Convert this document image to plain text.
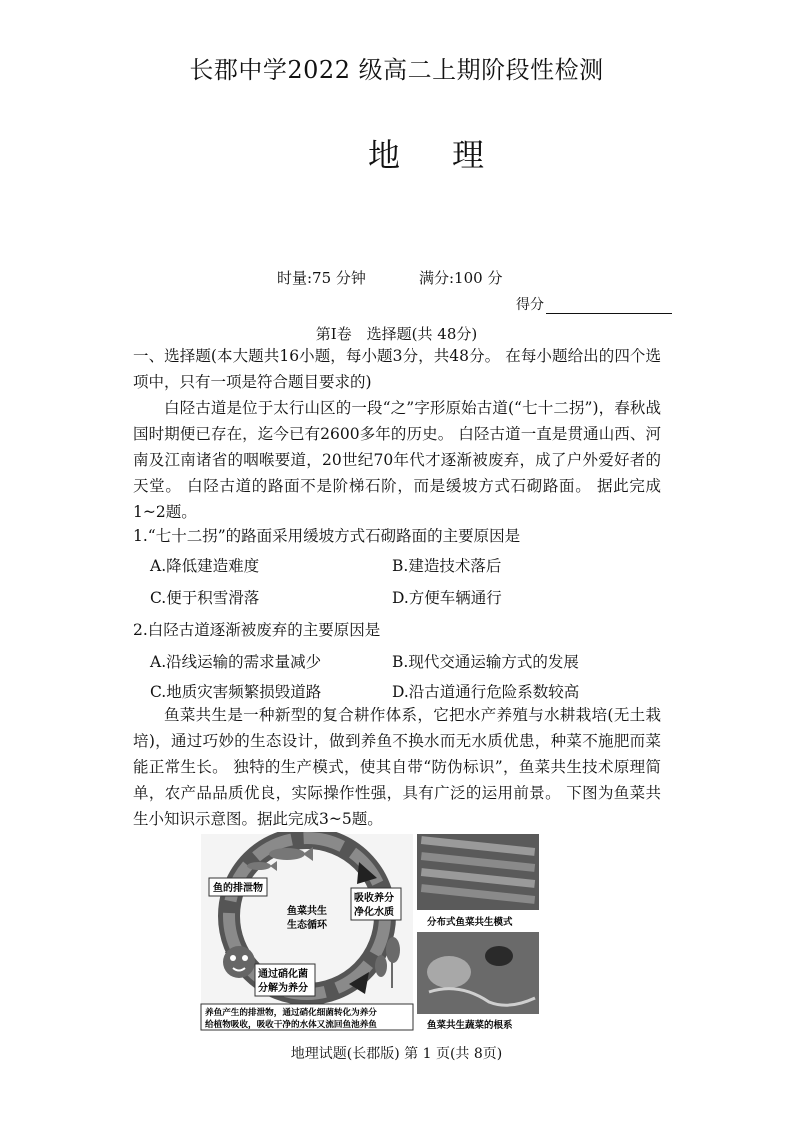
长郡中学2022 级高二上期阶段性检测
地理
时量:75 分钟	满分:100 分
得分
第Ⅰ卷　选择题(共 48分)
一、选择题(本大题共16小题，每小题3分，共48分。 在每小题给出的四个选项中，只有一项是符合题目要求的)
白陉古道是位于太行山区的一段“之”字形原始古道(“七十二拐”)，春秋战国时期便已存在，迄今已有2600多年的历史。 白陉古道一直是贯通山西、河南及江南诸省的咽喉要道，20世纪70年代才逐渐被废弃，成了户外爱好者的天堂。 白陉古道的路面不是阶梯石阶，而是缓坡方式石砌路面。 据此完成1~2题。
1.“七十二拐”的路面采用缓坡方式石砌路面的主要原因是
A.降低建造难度	B.建造技术落后
C.便于积雪滑落	D.方便车辆通行
2.白陉古道逐渐被废弃的主要原因是
A.沿线运输的需求量减少	B.现代交通运输方式的发展
C.地质灾害频繁损毁道路	D.沿古道通行危险系数较高
鱼菜共生是一种新型的复合耕作体系，它把水产养殖与水耕栽培(无土栽培)，通过巧妙的生态设计，做到养鱼不换水而无水质优患，种菜不施肥而菜能正常生长。 独特的生产模式，使其自带“防伪标识”，鱼菜共生技术原理简单，农产品品质优良，实际操作性强，具有广泛的运用前景。 下图为鱼菜共生小知识示意图。据此完成3~5题。
鱼的排泄物
吸收养分
净化水质
鱼菜共生
生态循环
通过硝化菌
分解为养分
养鱼产生的排泄物，通过硝化细菌转化为养分
给植物吸收，吸收干净的水体又流回鱼池养鱼
分布式鱼菜共生模式
鱼菜共生蔬菜的根系
地理试题(长郡版) 第 1 页(共 8页)
